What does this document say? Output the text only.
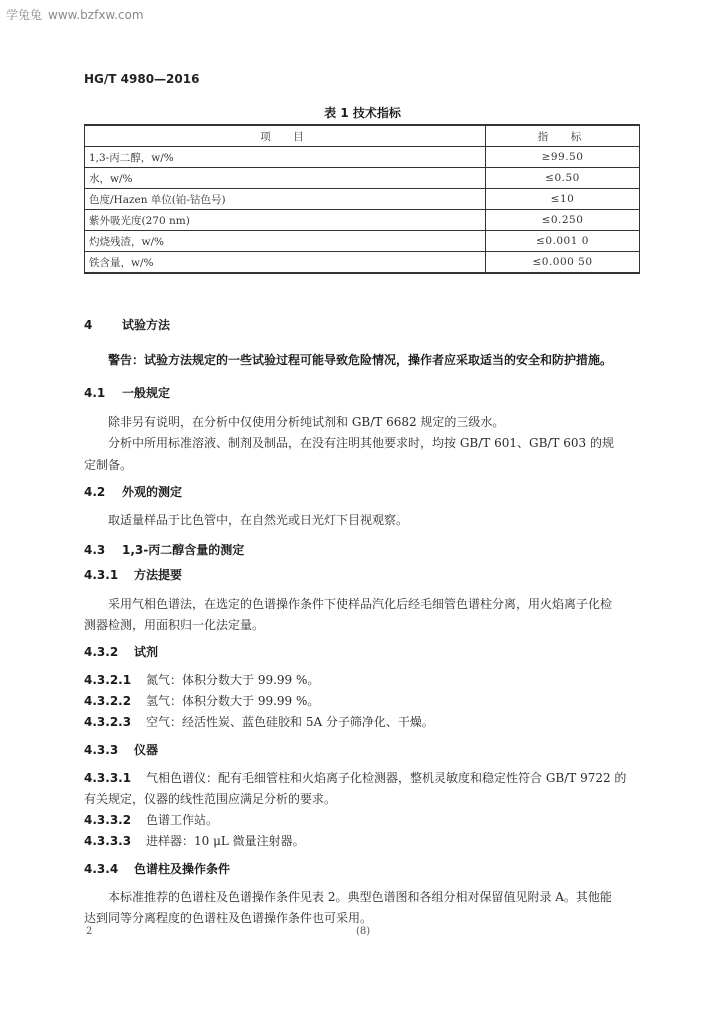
学兔兔 www.bzfxw.com
HG/T 4980—2016
表 1 技术指标
项　目	指　标
1,3-丙二醇，w/%	≥99.50
水，w/%	≤0.50
色度/Hazen 单位(铂-钴色号)	≤10
紫外吸光度(270 nm)	≤0.250
灼烧残渣，w/%	≤0.001 0
铁含量，w/%	≤0.000 50
4 试验方法
警告：试验方法规定的一些试验过程可能导致危险情况，操作者应采取适当的安全和防护措施。
4.1 一般规定
除非另有说明，在分析中仅使用分析纯试剂和 GB/T 6682 规定的三级水。
分析中所用标准溶液、制剂及制品，在没有注明其他要求时，均按 GB/T 601、GB/T 603 的规
定制备。
4.2 外观的测定
取适量样品于比色管中，在自然光或日光灯下目视观察。
4.3 1,3-丙二醇含量的测定
4.3.1 方法提要
采用气相色谱法，在选定的色谱操作条件下使样品汽化后经毛细管色谱柱分离，用火焰离子化检
测器检测，用面积归一化法定量。
4.3.2 试剂
4.3.2.1 氮气：体积分数大于 99.99 %。
4.3.2.2 氢气：体积分数大于 99.99 %。
4.3.2.3 空气：经活性炭、蓝色硅胶和 5A 分子筛净化、干燥。
4.3.3 仪器
4.3.3.1 气相色谱仪：配有毛细管柱和火焰离子化检测器，整机灵敏度和稳定性符合 GB/T 9722 的
有关规定，仪器的线性范围应满足分析的要求。
4.3.3.2 色谱工作站。
4.3.3.3 进样器：10 μL 微量注射器。
4.3.4 色谱柱及操作条件
本标准推荐的色谱柱及色谱操作条件见表 2。典型色谱图和各组分相对保留值见附录 A。其他能
达到同等分离程度的色谱柱及色谱操作条件也可采用。
2	(8)
